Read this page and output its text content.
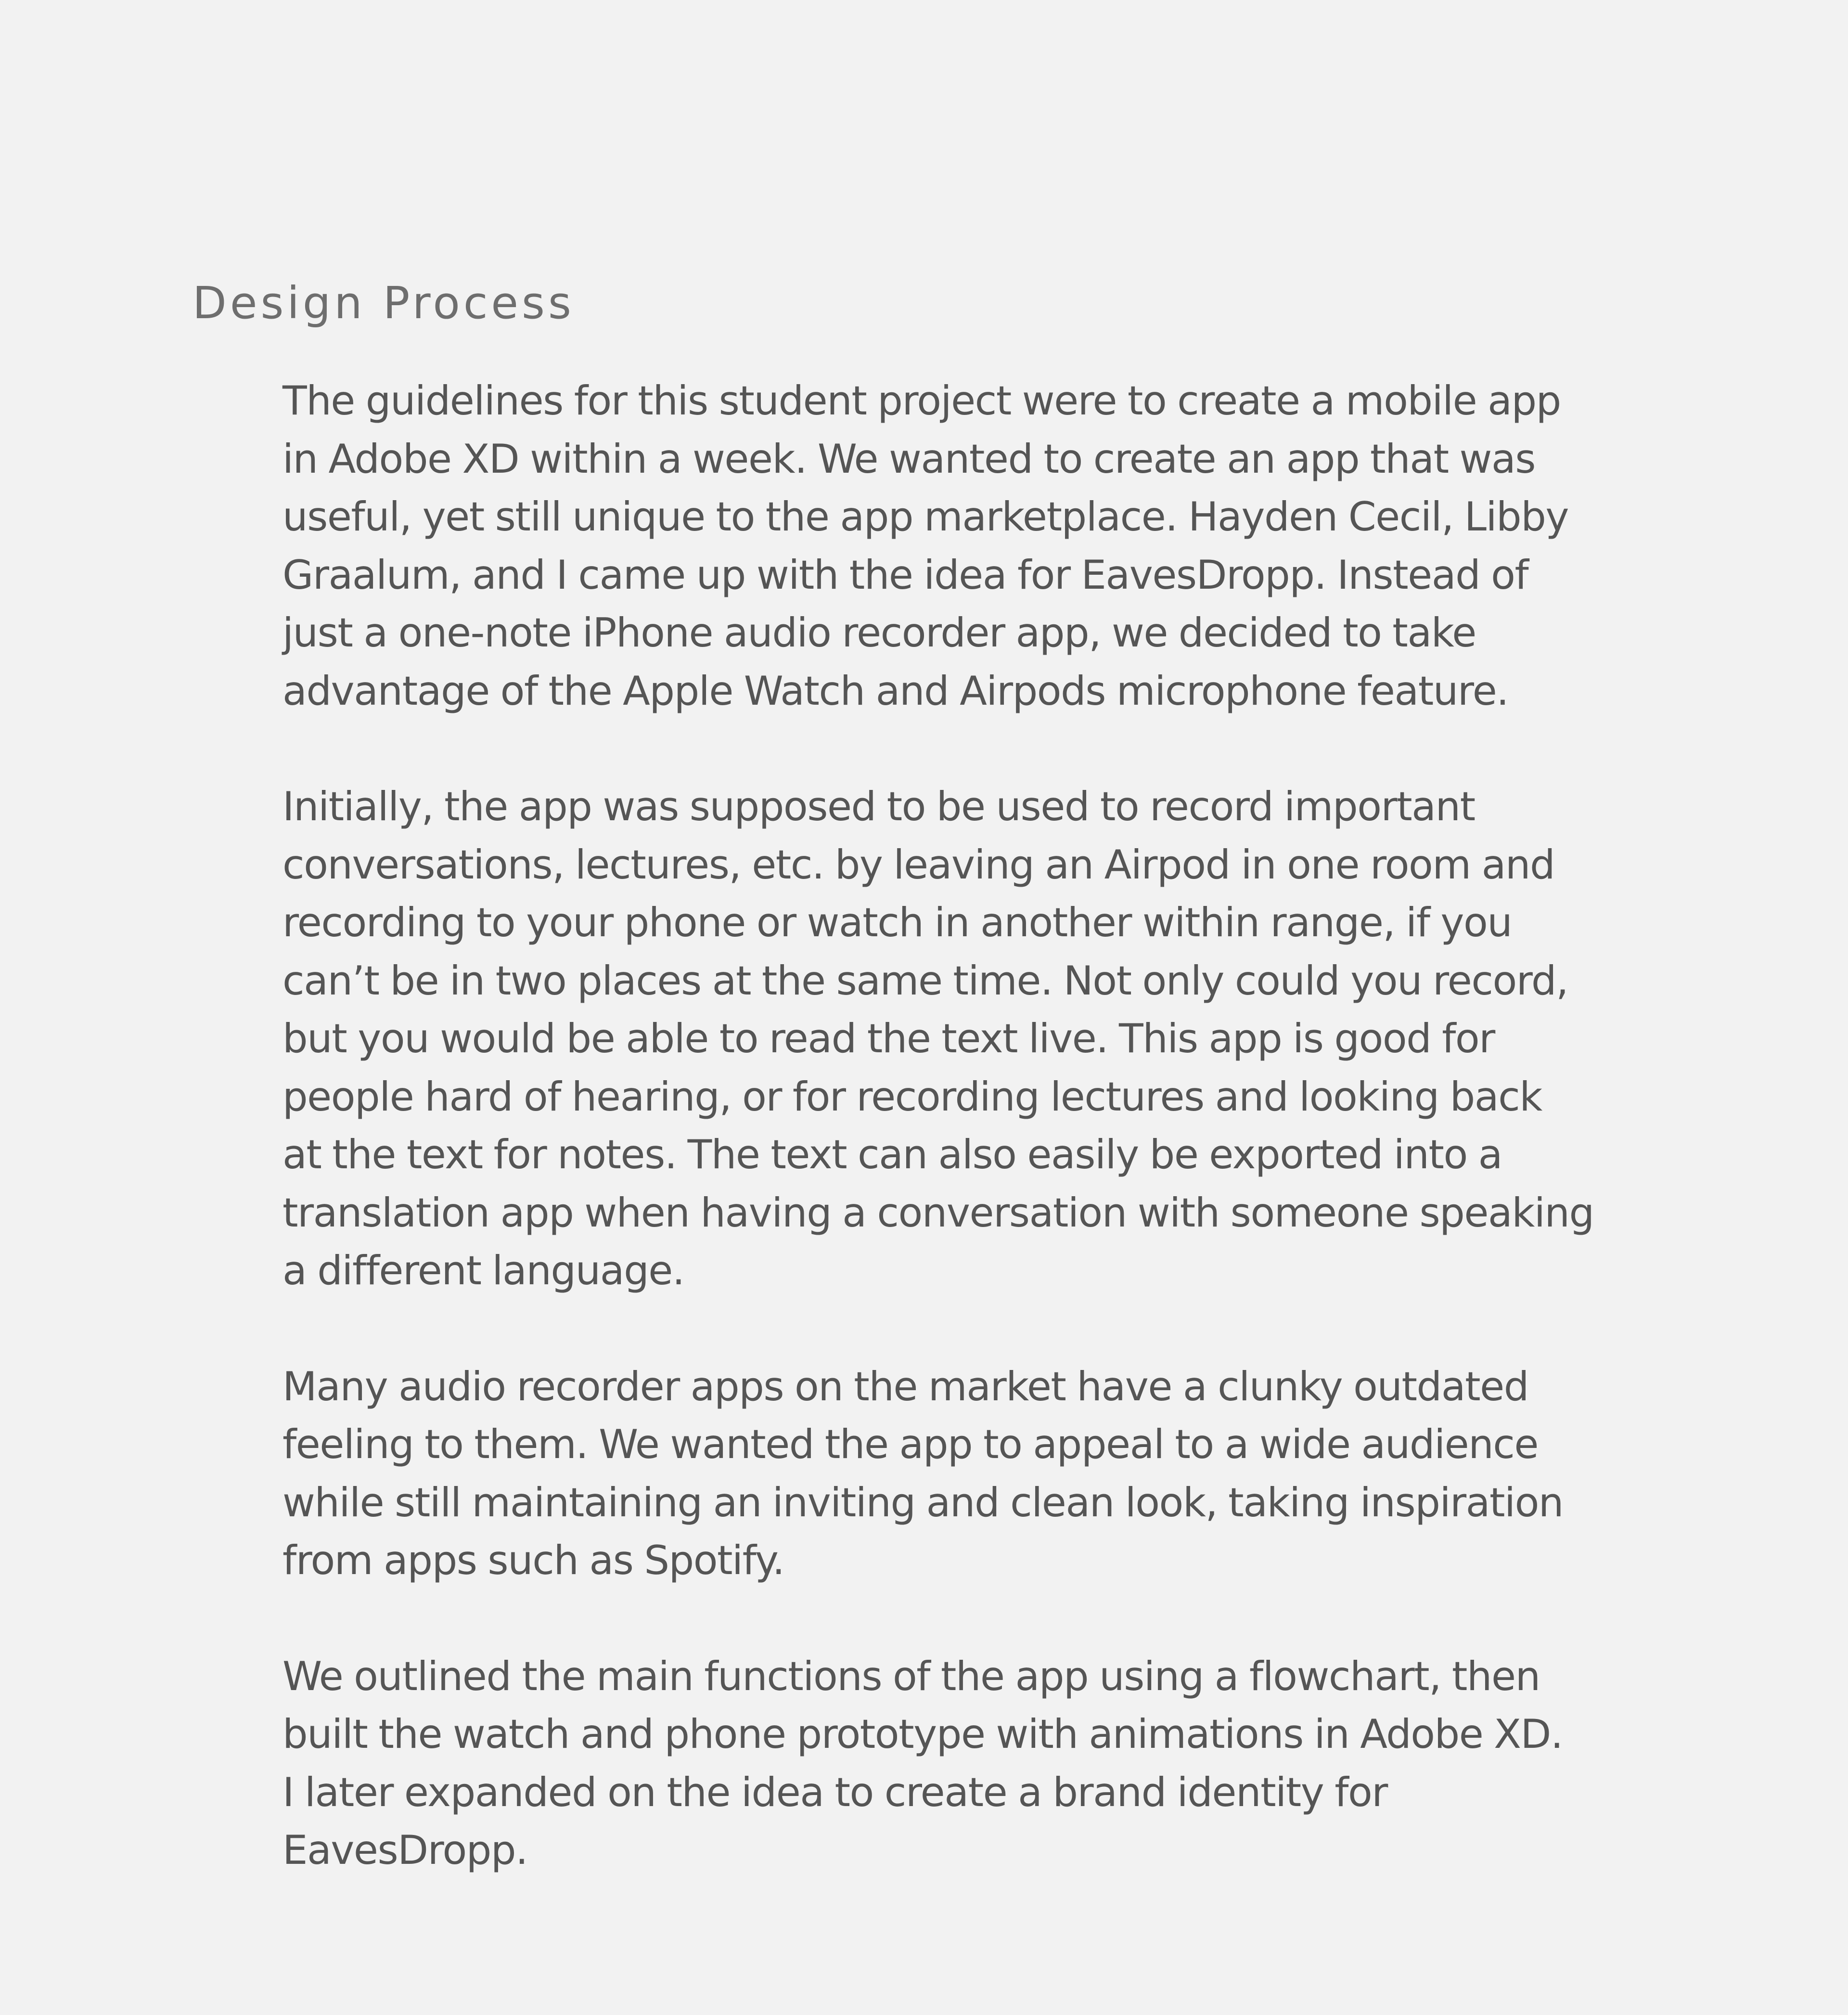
Design Process

The guidelines for this student project were to create a mobile app
in Adobe XD within a week. We wanted to create an app that was
useful, yet still unique to the app marketplace. Hayden Cecil, Libby
Graalum, and I came up with the idea for EavesDropp. Instead of
just a one-note iPhone audio recorder app, we decided to take
advantage of the Apple Watch and Airpods microphone feature.

Initially, the app was supposed to be used to record important
conversations, lectures, etc. by leaving an Airpod in one room and
recording to your phone or watch in another within range, if you
can’t be in two places at the same time. Not only could you record,
but you would be able to read the text live. This app is good for
people hard of hearing, or for recording lectures and looking back
at the text for notes. The text can also easily be exported into a
translation app when having a conversation with someone speaking
a different language.

Many audio recorder apps on the market have a clunky outdated
feeling to them. We wanted the app to appeal to a wide audience
while still maintaining an inviting and clean look, taking inspiration
from apps such as Spotify.

We outlined the main functions of the app using a flowchart, then
built the watch and phone prototype with animations in Adobe XD.
I later expanded on the idea to create a brand identity for
EavesDropp.
